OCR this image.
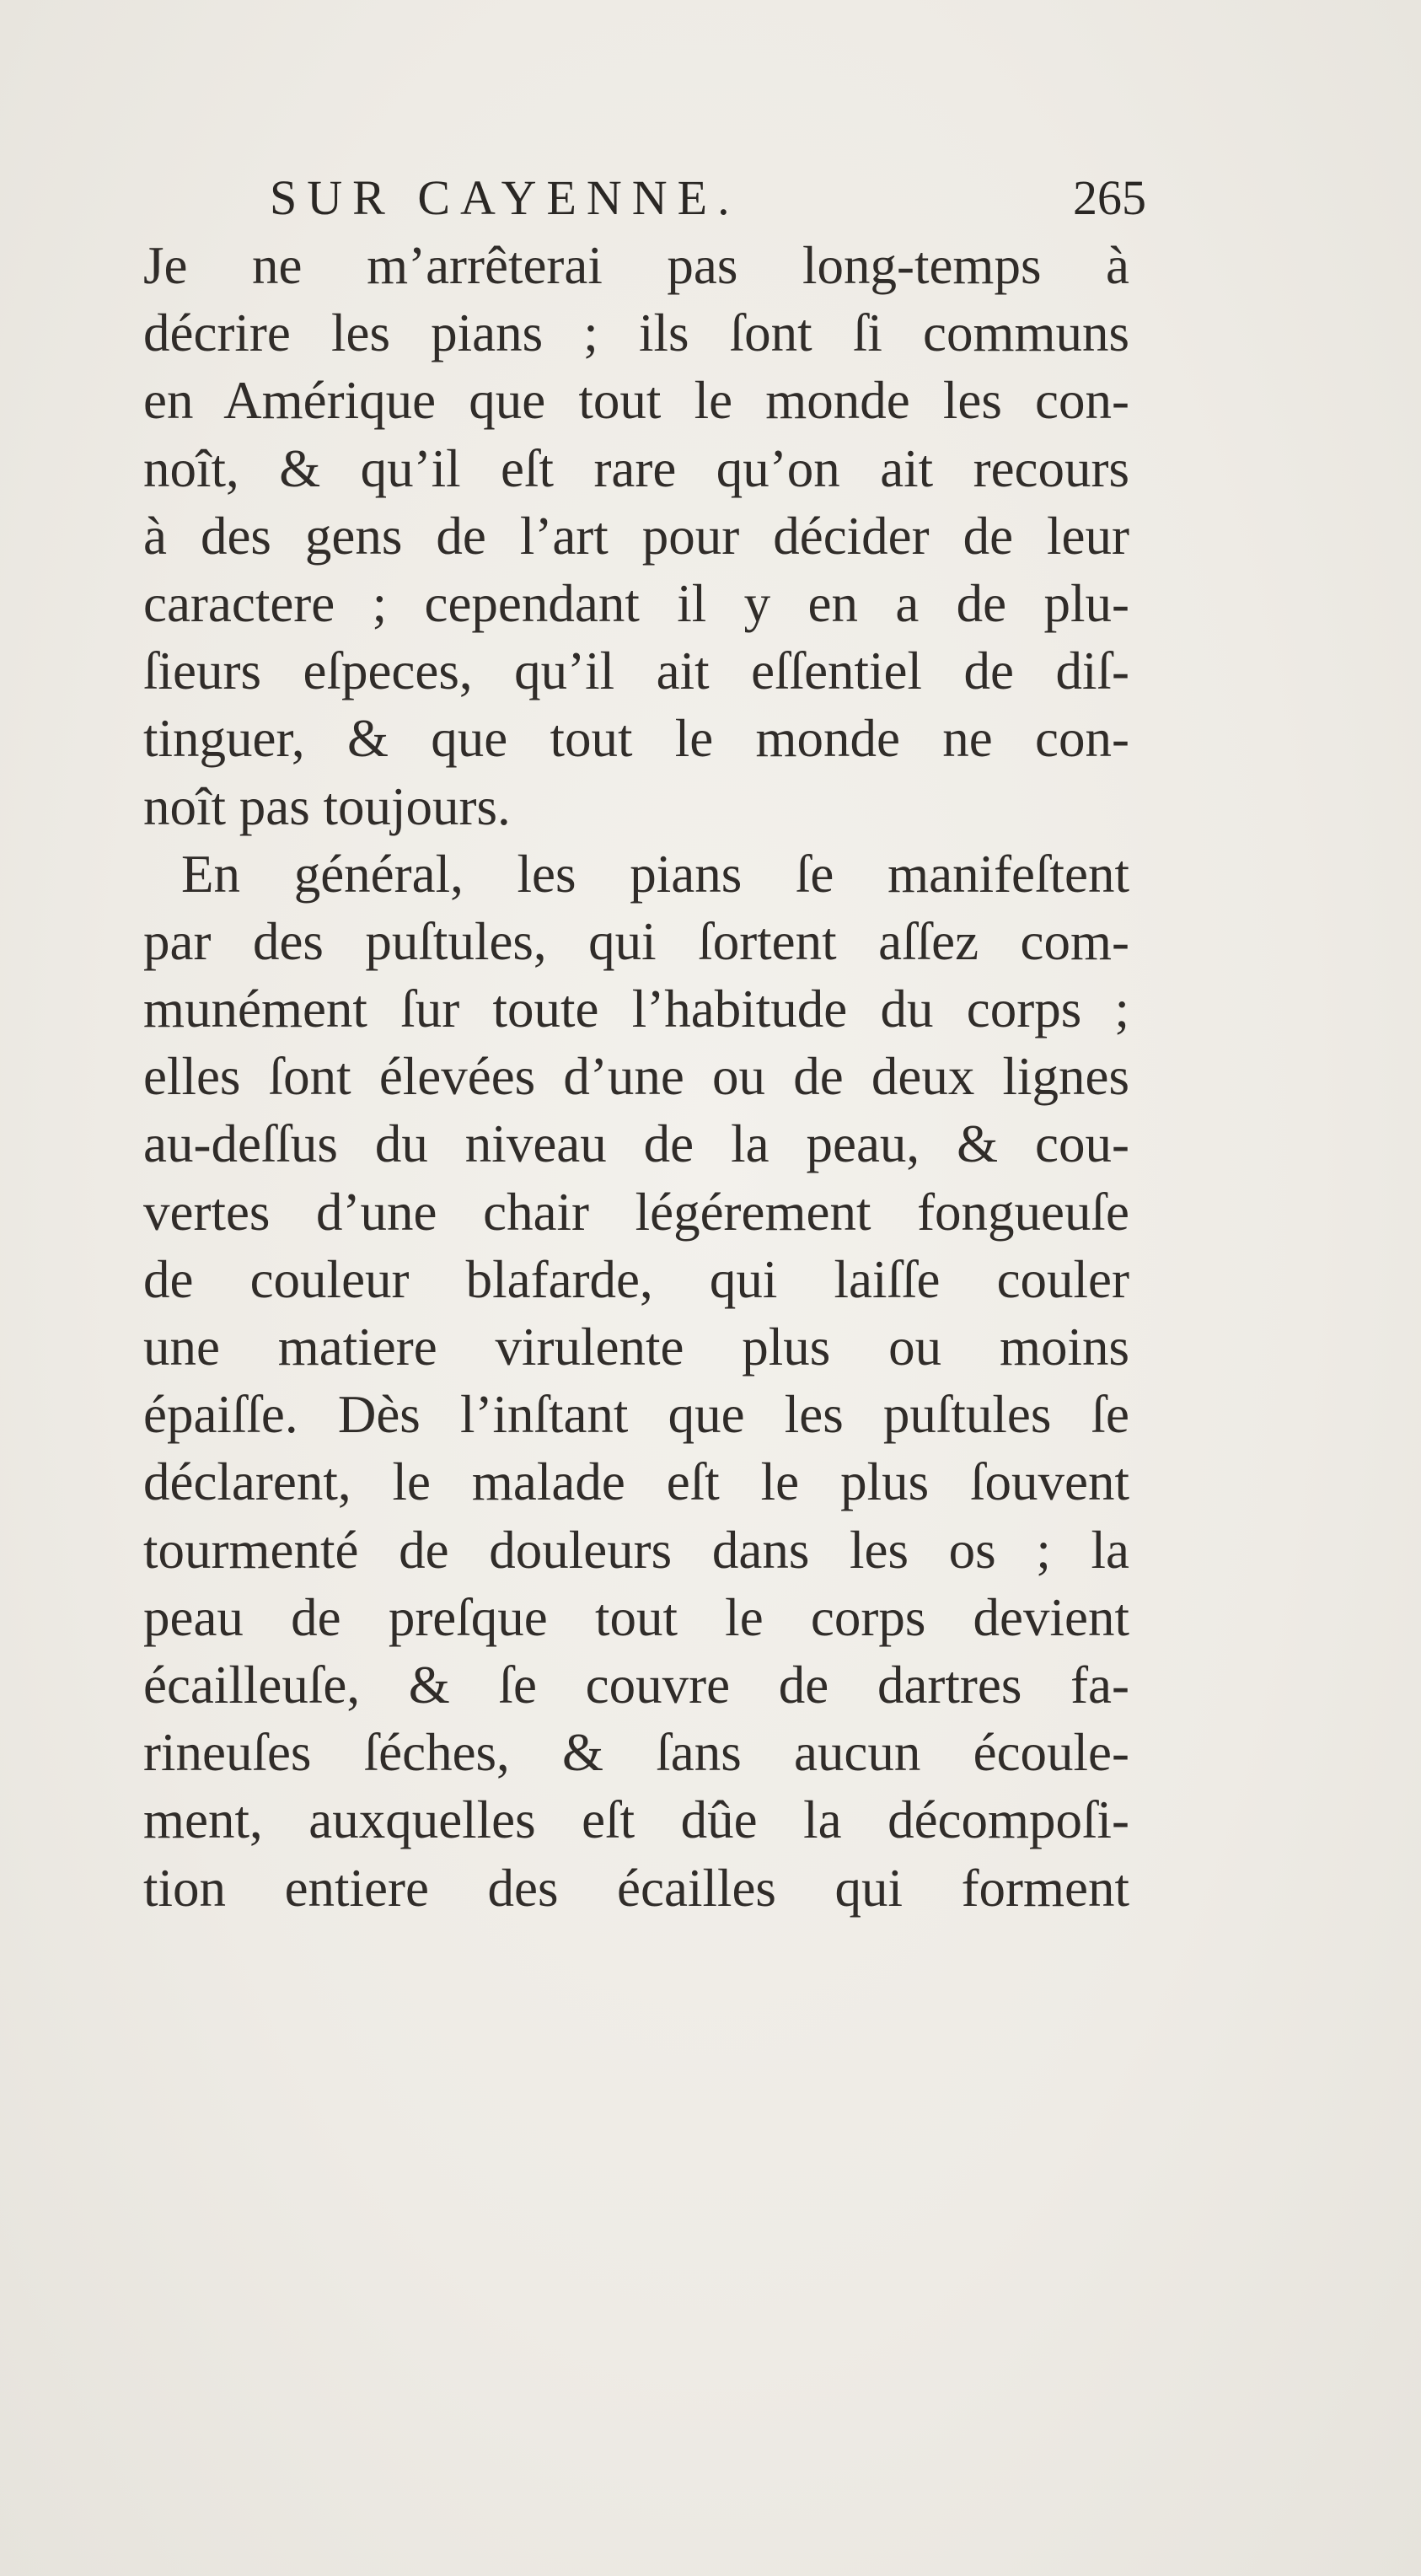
SUR CAYENNE.	265
Je ne m’arrêterai pas long-temps à
décrire les pians ; ils ſont ſi communs
en Amérique que tout le monde les con-
noît, & qu’il eſt rare qu’on ait recours
à des gens de l’art pour décider de leur
caractere ; cependant il y en a de plu-
ſieurs eſpeces, qu’il ait eſſentiel de diſ-
tinguer, & que tout le monde ne con-
noît pas toujours.
En général, les pians ſe manifeſtent
par des puſtules, qui ſortent aſſez com-
munément ſur toute l’habitude du corps ;
elles ſont élevées d’une ou de deux lignes
au-deſſus du niveau de la peau, & cou-
vertes d’une chair légérement fongueuſe
de couleur blafarde, qui laiſſe couler
une matiere virulente plus ou moins
épaiſſe. Dès l’inſtant que les puſtules ſe
déclarent, le malade eſt le plus ſouvent
tourmenté de douleurs dans les os ; la
peau de preſque tout le corps devient
écailleuſe, & ſe couvre de dartres fa-
rineuſes ſéches, & ſans aucun écoule-
ment, auxquelles eſt dûe la décompoſi-
tion entiere des écailles qui forment
